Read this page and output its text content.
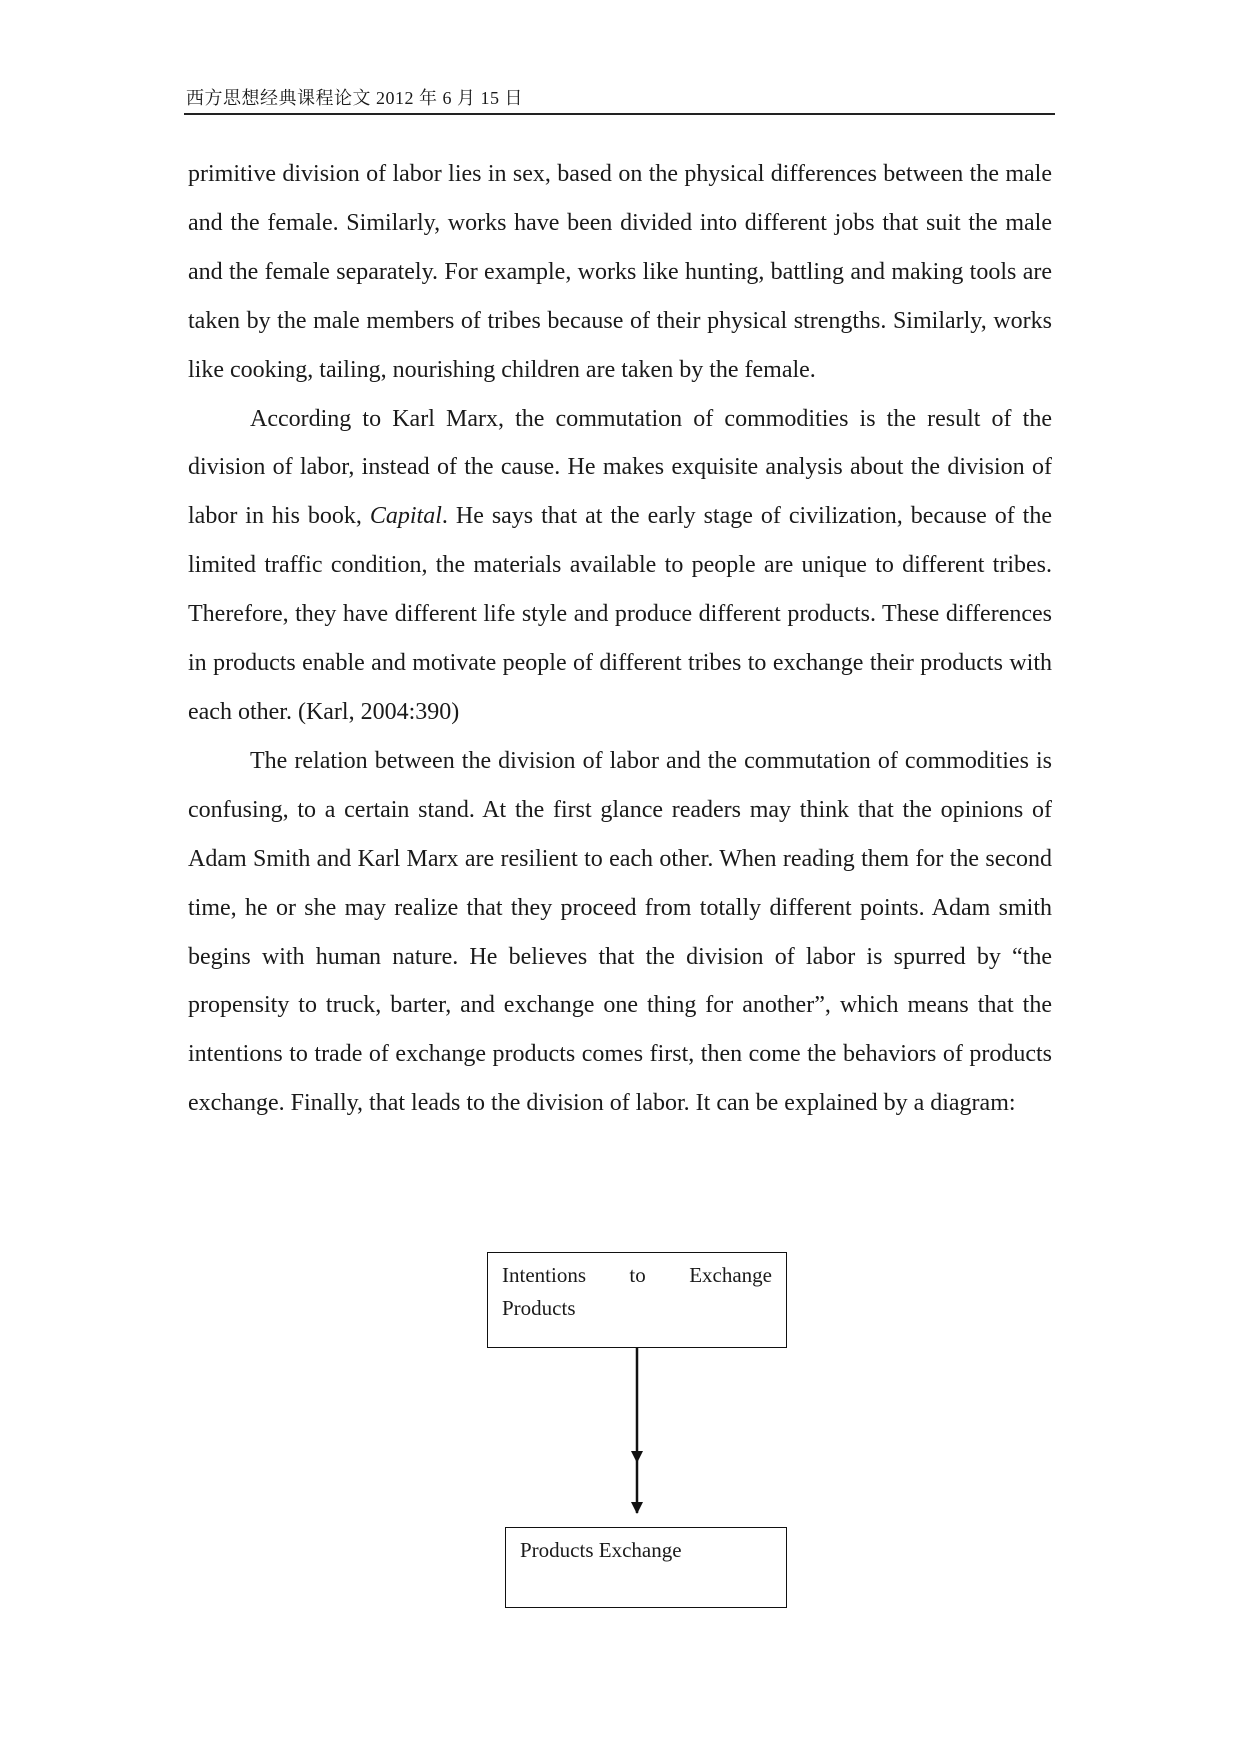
西方思想经典课程论文 2012 年 6 月 15 日

primitive division of labor lies in sex, based on the physical differences between the male and the female. Similarly, works have been divided into different jobs that suit the male and the female separately. For example, works like hunting, battling and making tools are taken by the male members of tribes because of their physical strengths. Similarly, works like cooking, tailing, nourishing children are taken by the female.

According to Karl Marx, the commutation of commodities is the result of the division of labor, instead of the cause. He makes exquisite analysis about the division of labor in his book, Capital. He says that at the early stage of civilization, because of the limited traffic condition, the materials available to people are unique to different tribes. Therefore, they have different life style and produce different products. These differences in products enable and motivate people of different tribes to exchange their products with each other. (Karl, 2004:390)

The relation between the division of labor and the commutation of commodities is confusing, to a certain stand. At the first glance readers may think that the opinions of Adam Smith and Karl Marx are resilient to each other. When reading them for the second time, he or she may realize that they proceed from totally different points. Adam smith begins with human nature. He believes that the division of labor is spurred by “the propensity to truck, barter, and exchange one thing for another”, which means that the intentions to trade of exchange products comes first, then come the behaviors of products exchange. Finally, that leads to the division of labor. It can be explained by a diagram:

Intentions to Exchange Products
Products Exchange
